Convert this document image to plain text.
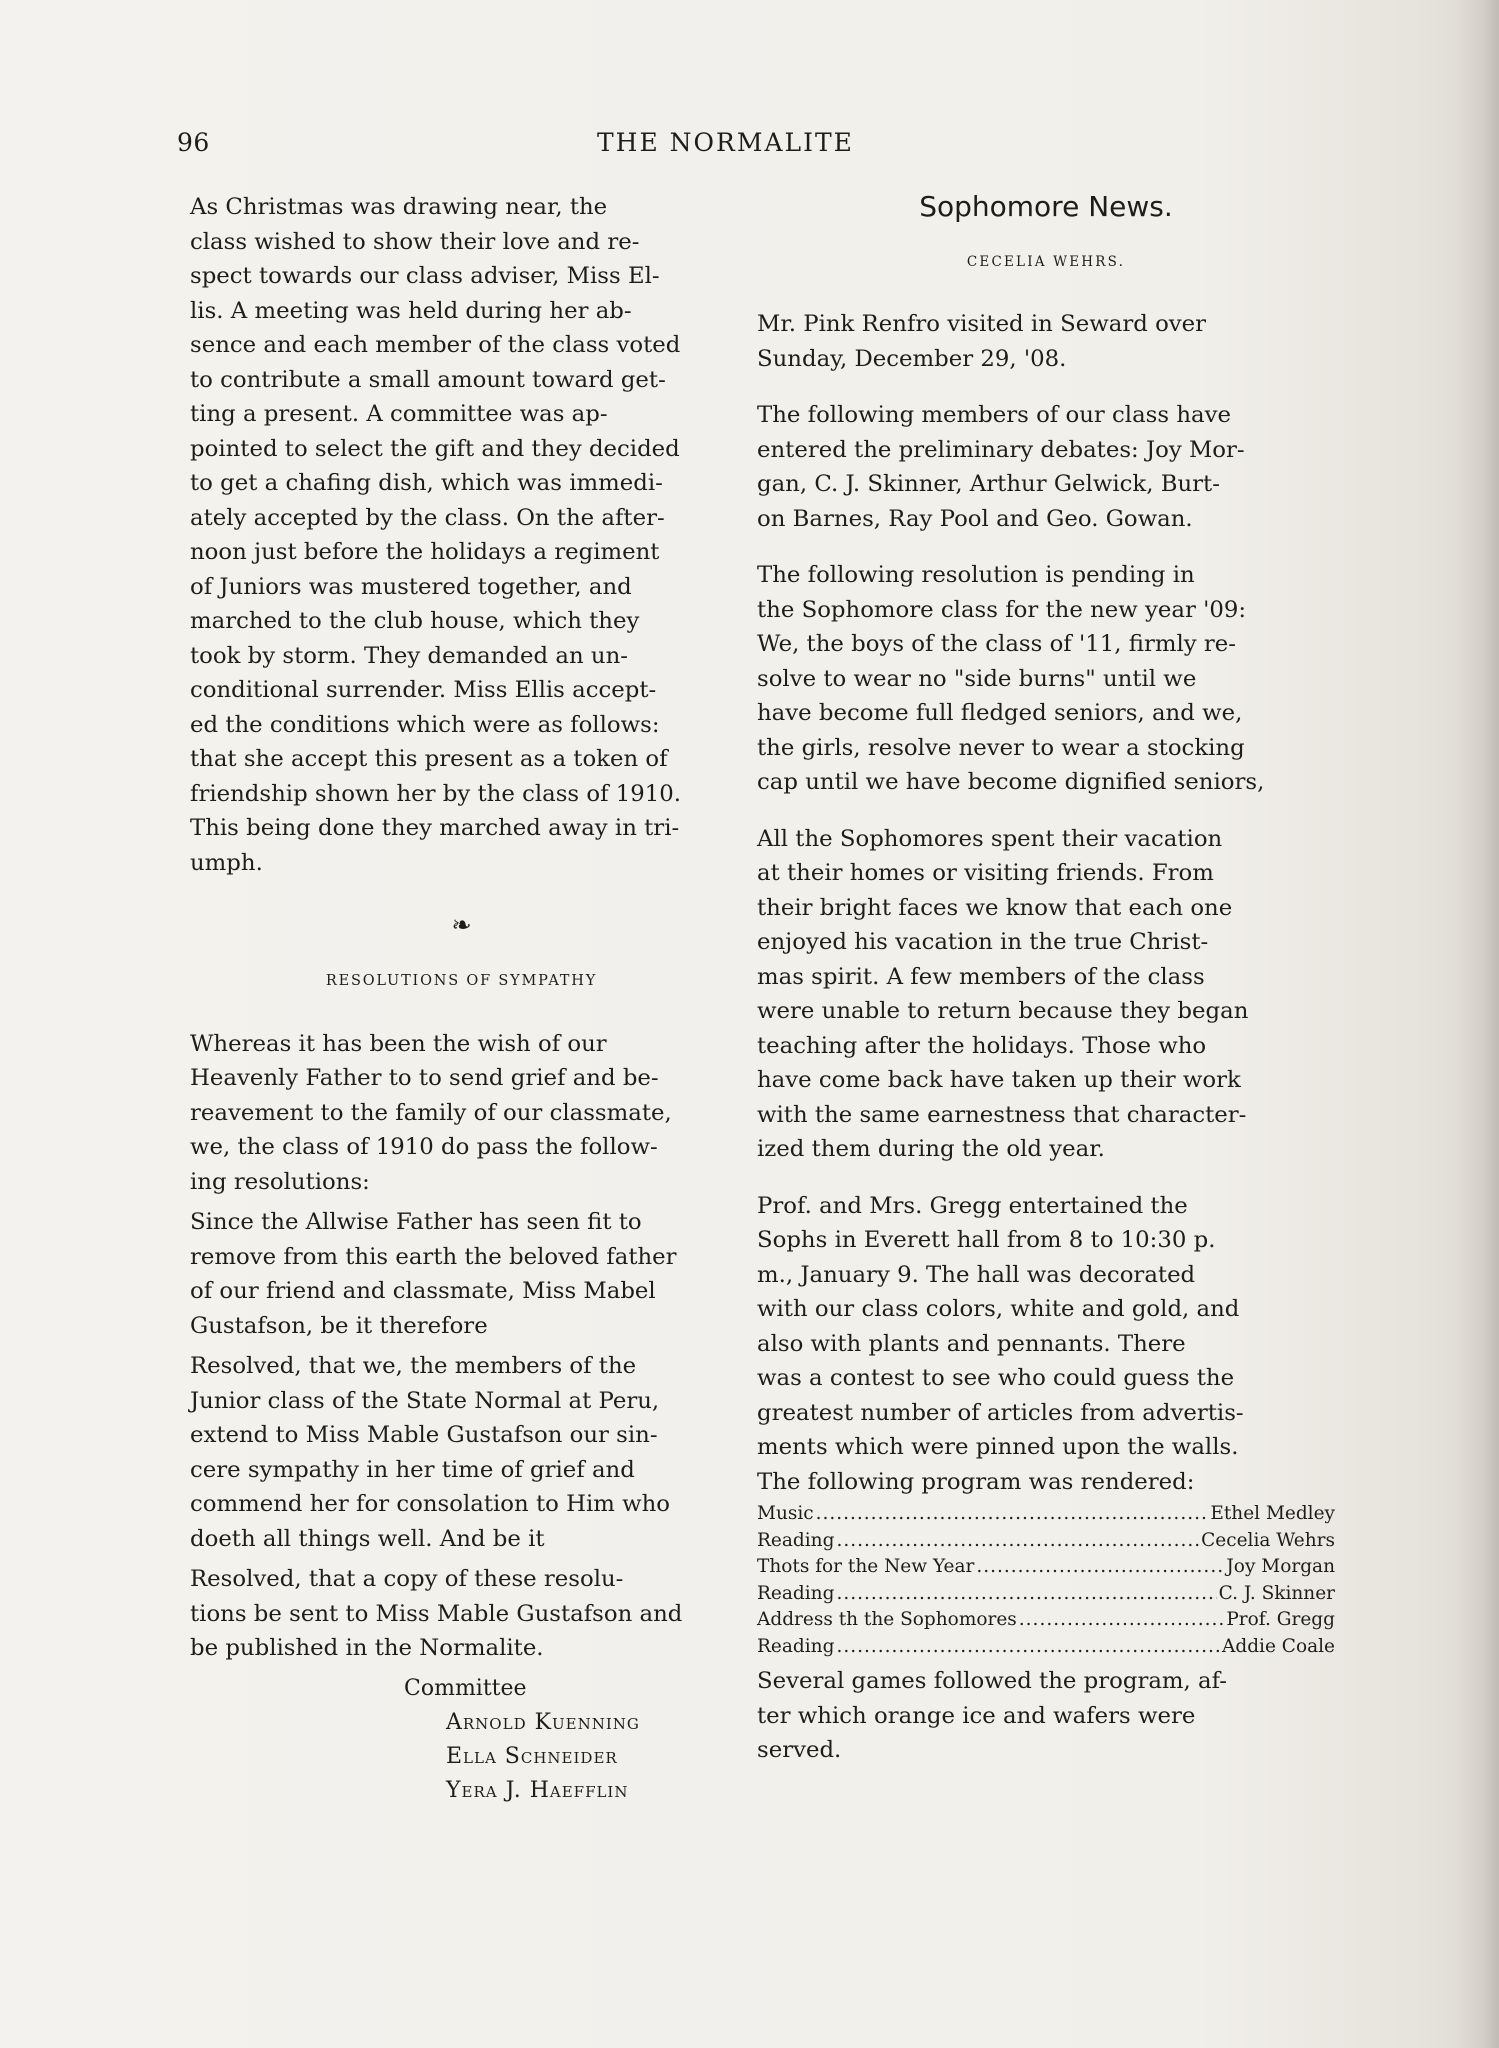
96	THE NORMALITE

As Christmas was drawing near, the
class wished to show their love and re-
spect towards our class adviser, Miss El-
lis. A meeting was held during her ab-
sence and each member of the class voted
to contribute a small amount toward get-
ting a present. A committee was ap-
pointed to select the gift and they decided
to get a chafing dish, which was immedi-
ately accepted by the class. On the after-
noon just before the holidays a regiment
of Juniors was mustered together, and
marched to the club house, which they
took by storm. They demanded an un-
conditional surrender. Miss Ellis accept-
ed the conditions which were as follows:
that she accept this present as a token of
friendship shown her by the class of 1910.
This being done they marched away in tri-
umph.

❧
RESOLUTIONS OF SYMPATHY

Whereas it has been the wish of our
Heavenly Father to to send grief and be-
reavement to the family of our classmate,
we, the class of 1910 do pass the follow-
ing resolutions:

Since the Allwise Father has seen fit to
remove from this earth the beloved father
of our friend and classmate, Miss Mabel
Gustafson, be it therefore

Resolved, that we, the members of the
Junior class of the State Normal at Peru,
extend to Miss Mable Gustafson our sin-
cere sympathy in her time of grief and
commend her for consolation to Him who
doeth all things well. And be it

Resolved, that a copy of these resolu-
tions be sent to Miss Mable Gustafson and
be published in the Normalite.

Committee
Arnold Kuenning
Ella Schneider
Yera J. Haefflin
Sophomore News.
CECELIA WEHRS.

Mr. Pink Renfro visited in Seward over
Sunday, December 29, '08.

The following members of our class have
entered the preliminary debates: Joy Mor-
gan, C. J. Skinner, Arthur Gelwick, Burt-
on Barnes, Ray Pool and Geo. Gowan.

The following resolution is pending in
the Sophomore class for the new year '09:
We, the boys of the class of '11, firmly re-
solve to wear no "side burns" until we
have become full fledged seniors, and we,
the girls, resolve never to wear a stocking
cap until we have become dignified seniors,

All the Sophomores spent their vacation
at their homes or visiting friends. From
their bright faces we know that each one
enjoyed his vacation in the true Christ-
mas spirit. A few members of the class
were unable to return because they began
teaching after the holidays. Those who
have come back have taken up their work
with the same earnestness that character-
ized them during the old year.

Prof. and Mrs. Gregg entertained the
Sophs in Everett hall from 8 to 10:30 p.
m., January 9. The hall was decorated
with our class colors, white and gold, and
also with plants and pennants. There
was a contest to see who could guess the
greatest number of articles from advertis-
ments which were pinned upon the walls.
The following program was rendered:

Music .....	Ethel Medley
Reading .....	Cecelia Wehrs
Thots for the New Year .....	Joy Morgan
Reading .....	C. J. Skinner
Address th the Sophomores .....	Prof. Gregg
Reading .....	Addie Coale

Several games followed the program, af-
ter which orange ice and wafers were
served.
